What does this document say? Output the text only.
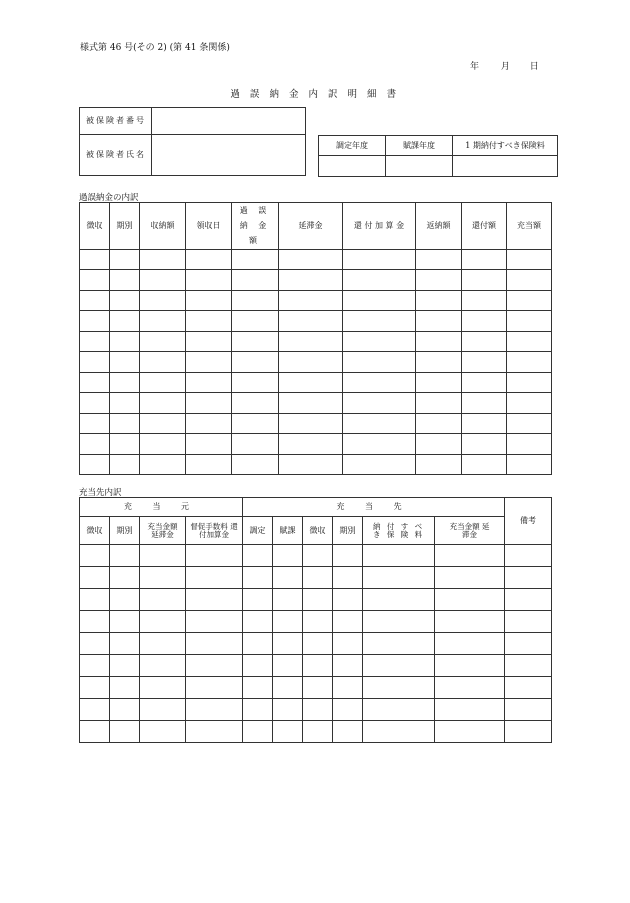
様式第 46 号(その 2) (第 41 条関係)
年 月 日
過 誤 納 金 内 訳 明 細 書
被保険者番号	
被保険者氏名	
調定年度	賦課年度	1 期納付すべき保険料

過誤納金の内訳
徴収	期別	収納額	領収日	過 誤 納 金 額	延滞金	還 付 加 算 金	返納額	還付額	充当額

充当先内訳
充 当 元				充 当 先						備考
徴収	期別	充当金額 延滞金	督促手数料 還付加算金	調定	賦課	徴収	期別	納 付 す べ き 保 険 料	充当金額 延滞金	
